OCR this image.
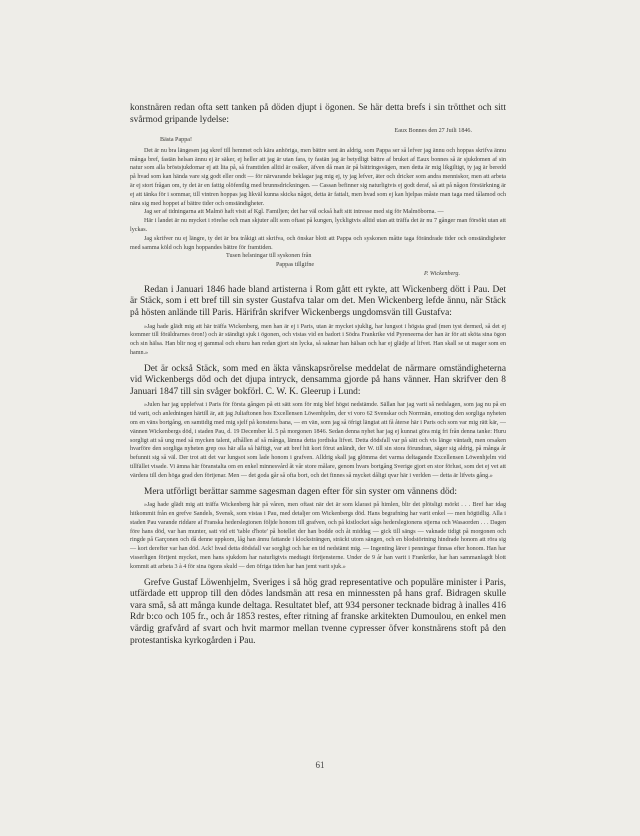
konstnären redan ofta sett tanken på döden djupt i ögonen. Se här detta brefs i sin trötthet och sitt svårmod gripande lydelse:

Eaux Bonnes den 27 Juili 1846.

Bästa Pappa!

Det är nu bra längesen jag skref till hemmet och kära anhöriga, men bättre sent än aldrig, som Pappa ser så lefver jag ännu och hoppas skrifva ännu många bref, fastän helsan ännu ej är säker, ej heller att jag är utan fara, ty fastän jag är betydligt bättre af bruket af Eaux bonnes så är sjukdomen af sin natur som alla bröstsjukdomar ej att lita på, så framtiden alltid är osäker, äfven då man är på bättringsvägen, men detta är mig likgiltigt, ty jag är beredd på hvad som kan hända vare sig godt eller ondt — för närvarande beklagar jag mig ej, ty jag lefver, äter och dricker som andra menniskor, men att arbeta är ej stort frågan om, ty det är en fattig olöfentlig med brunnsdrickningen. — Cassan befinner sig naturligtvis ej godt deraf, så att på någon förstärkning är ej att tänka för i sommar, till vintren hoppas jag likväl kunna skicka något, detta är fattalt, men hvad som ej kan hjelpas måste man taga med tålamod och nära sig med hoppet af bättre tider och omständigheter.

Jag ser af tidningarna att Malmö haft visit af Kgl. Familjen; det har väl också haft sitt intresse med sig för Malmöborna. —

Här i landet är nu mycket i rörelse och man skjuter allt som oftast på kungen, lyckligtvis alltid utan att träffa det är nu 7 gånger man försökt utan att lyckas.

Jag skrifver nu ej längre, ty det är bra tråkigt att skrifva, och önskar blott att Pappa och syskonen måtte taga förändrade tider och omständigheter med samma köld och lugn hoppandes bättre för framtiden.

Tusen helsningar till syskonen från

Pappas tillgifne

P. Wickenberg.

Redan i Januari 1846 hade bland artisterna i Rom gått ett rykte, att Wickenberg dött i Pau. Det är Stäck, som i ett bref till sin syster Gustafva talar om det. Men Wickenberg lefde ännu, när Stäck på hösten anlände till Paris. Härifrån skrifver Wickenbergs ungdomsvän till Gustafva:

»Jag hade glädt mig att här träffa Wickenberg, men han är ej i Paris, utan är mycket sjuklig, har lungsot i högsta grad (men tyst dermed, så det ej kommer till föräldrarnes öron!) och är ständigt sjuk i ögonen, och vistas vid en badort i Södra Frankrike vid Pyreneerna der han är för att sköta sina ögon och sin hälsa. Han blir nog ej gammal och ehuru han redan gjort sin lycka, så saknar han hälsan och har ej glädje af lifvet. Han skall se ut mager som en hamn.»

Det är också Stäck, som med en äkta vänskapsrörelse meddelat de närmare omständigheterna vid Wickenbergs död och det djupa intryck, densamma gjorde på hans vänner. Han skrifver den 8 Januari 1847 till sin svåger bokförl. C. W. K. Gleerup i Lund:

»Julen har jag upplefvat i Paris för första gången på ett sätt som för mig blef högst nedstämde. Sällan har jag varit så nedslagen, som jag nu på en tid varit, och anledningen härtill är, att jag Juliaftonen hos Excellensen Löwenhjelm, der vi voro 62 Svenskar och Norrmän, emottog den sorgliga nyheten om en väns bortgång, en samtidig med mig sjelf på konstens bana, — en vän, som jag så öfrigt längtat att få återse här i Paris och som var mig rätt kär, — vännen Wickenbergs död, i staden Pau, d. 19 December kl. 5 på morgonen 1846. Sedan denna nyhet har jag ej kunnat göra mig fri från denna tanke: Huru sorgligt att så ung med så mycken talent, afhållen af så många, lämna detta jordiska lifvet. Detta dödsfall var på sätt och vis länge väntadt, men orsaken hvarföre den sorgliga nyheten grep oss här alla så häftigt, var att bref hit kort förut anländt, der W. till sin stora förundran, säger sig aldrig, på många år befunnit sig så väl. Der trot att det var lungsot som lade honom i grafven. Alldrig skall jag glömma det varma deltagande Excellensen Löwenhjelm vid tillfället visade. Vi ämna här föranstalta om en enkel minnesvård åt vår store målare, genom hvars bortgång Sverige gjort en stor förlust, som det ej vet att värdera till den höga grad den förtjenar. Men — det goda går så ofta bort, och det finnes så mycket dåligt qvar här i verlden — detta är lifvets gång.»

Mera utförligt berättar samme sagesman dagen efter för sin syster om vännens död:

»Jag hade glädt mig att träffa Wickenberg här på våren, men oftast när det är som klarast på himlen, blir det plötsligt mörkt . . . Bref har idag hitkommit från en grefve Sandels, Svensk, som vistas i Pau, med detaljer om Wickenbergs död. Hans begrafning har varit enkel — men högtidlig. Alla i staden Pau varande riddare af Franska hederslegionen följde honom till grafven, och på kistlocket sågs hederslegionens stjerna och Wasaorden . . . Dagen före hans död, var han munter, satt vid ett 'table d'hote' på hotellet der han bodde och åt middag — gick till sängs — vaknade tidigt på morgonen och ringde på Garçonen och då denne uppkom, låg han ännu fattande i klocksträngen, sträckt utom sängen, och en blodstörtning hindrade honom att röra sig — kort derefter var han död. Ack! hvad detta dödsfall var sorgligt och har en tid nedstämt mig. — Ingenting lärer i penningar finnas efter honom. Han har visserligen förtjent mycket, men hans sjukdom har naturligtvis medtagit förtjensterne. Under de 9 år han varit i Frankrike, har han sammanlagdt blott kommit att arbeta 3 à 4 för sina ögons skuld — den öfriga tiden har han jemt varit sjuk.»

Grefve Gustaf Löwenhjelm, Sveriges i så hög grad representative och populäre minister i Paris, utfärdade ett upprop till den dödes landsmän att resa en minnessten på hans graf. Bidragen skulle vara små, så att många kunde deltaga. Resultatet blef, att 934 personer tecknade bidrag à inalles 416 Rdr b:co och 105 fr., och år 1853 restes, efter ritning af franske arkitekten Dumoulou, en enkel men värdig grafvård af svart och hvit marmor mellan tvenne cypresser öfver konstnärens stoft på den protestantiska kyrkogården i Pau.

61
